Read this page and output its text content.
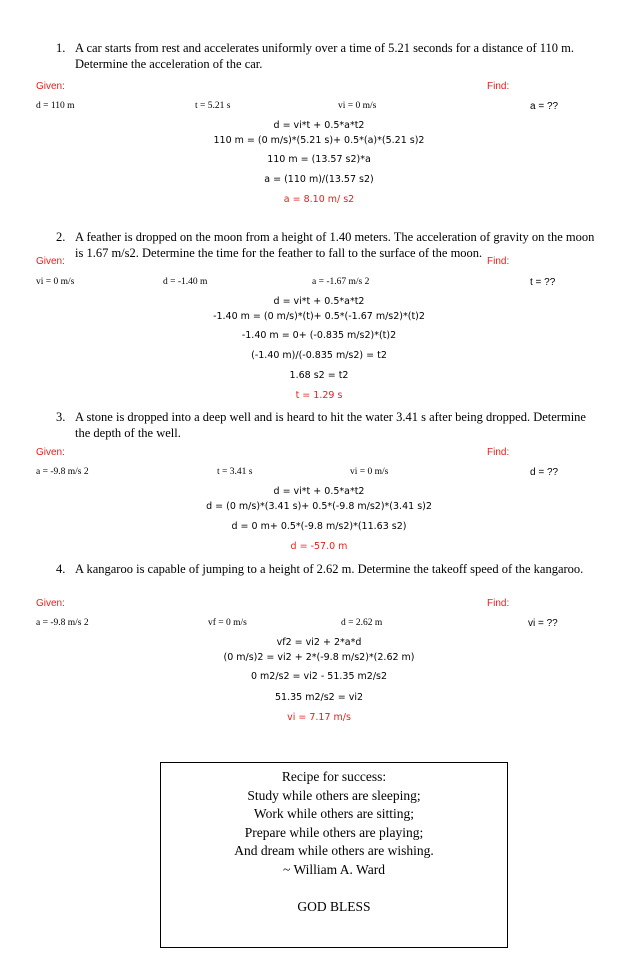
1. A car starts from rest and accelerates uniformly over a time of 5.21 seconds for a distance of 110 m. Determine the acceleration of the car.
Given:	Find:
d = 110 m	t = 5.21 s	vi = 0 m/s	a = ??
d = vi*t + 0.5*a*t2
110 m = (0 m/s)*(5.21 s)+ 0.5*(a)*(5.21 s)2
110 m = (13.57 s2)*a
a = (110 m)/(13.57 s2)
a = 8.10 m/ s2
2. A feather is dropped on the moon from a height of 1.40 meters. The acceleration of gravity on the moon is 1.67 m/s2. Determine the time for the feather to fall to the surface of the moon.
Given:	Find:
vi = 0 m/s	d = -1.40 m	a = -1.67 m/s 2	t = ??
d = vi*t + 0.5*a*t2
-1.40 m = (0 m/s)*(t)+ 0.5*(-1.67 m/s2)*(t)2
-1.40 m = 0+ (-0.835 m/s2)*(t)2
(-1.40 m)/(-0.835 m/s2) = t2
1.68 s2 = t2
t = 1.29 s
3. A stone is dropped into a deep well and is heard to hit the water 3.41 s after being dropped. Determine the depth of the well.
Given:	Find:
a = -9.8 m/s 2	t = 3.41 s	vi = 0 m/s	d = ??
d = vi*t + 0.5*a*t2
d = (0 m/s)*(3.41 s)+ 0.5*(-9.8 m/s2)*(3.41 s)2
d = 0 m+ 0.5*(-9.8 m/s2)*(11.63 s2)
d = -57.0 m
4. A kangaroo is capable of jumping to a height of 2.62 m. Determine the takeoff speed of the kangaroo.
Given:	Find:
a = -9.8 m/s 2	vf = 0 m/s	d = 2.62 m	vi = ??
vf2 = vi2 + 2*a*d
(0 m/s)2 = vi2 + 2*(-9.8 m/s2)*(2.62 m)
0 m2/s2 = vi2 - 51.35 m2/s2
51.35 m2/s2 = vi2
vi = 7.17 m/s
Recipe for success:
Study while others are sleeping;
Work while others are sitting;
Prepare while others are playing;
And dream while others are wishing.
~ William A. Ward
GOD BLESS
